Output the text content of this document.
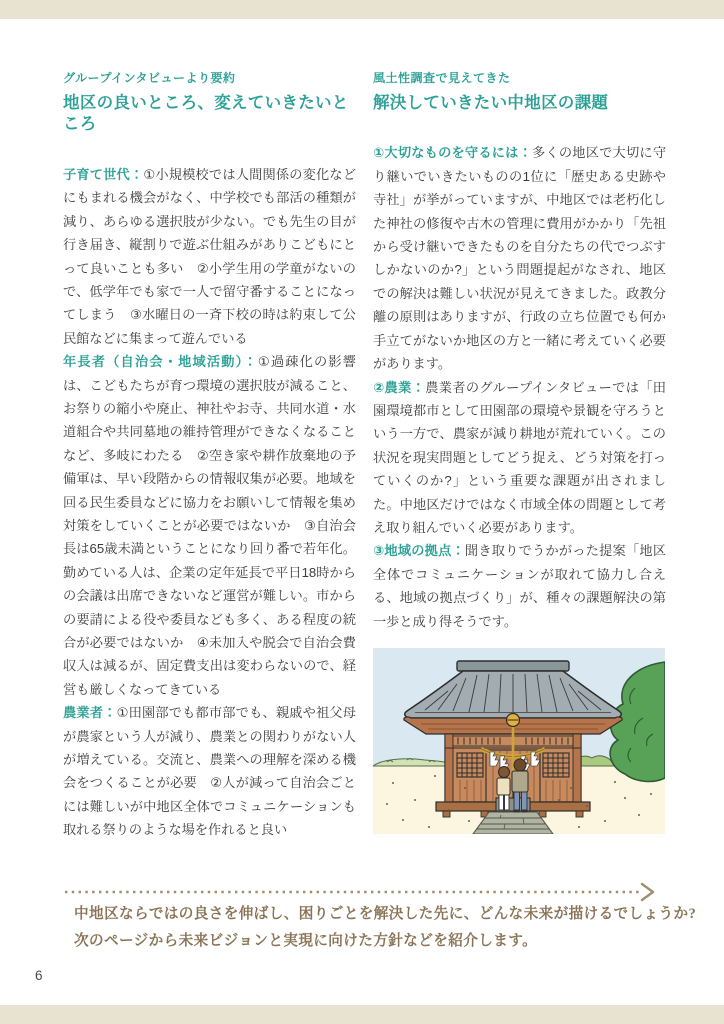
グループインタビューより要約
地区の良いところ、変えていきたいところ

子育て世代：①小規模校では人間関係の変化などにもまれる機会がなく、中学校でも部活の種類が減り、あらゆる選択肢が少ない。でも先生の目が行き届き、縦割りで遊ぶ仕組みがありこどもにとって良いことも多い　②小学生用の学童がないので、低学年でも家で一人で留守番することになってしまう　③水曜日の一斉下校の時は約束して公民館などに集まって遊んでいる

年長者（自治会・地域活動）：①過疎化の影響は、こどもたちが育つ環境の選択肢が減ること、お祭りの縮小や廃止、神社やお寺、共同水道・水道組合や共同墓地の維持管理ができなくなることなど、多岐にわたる　②空き家や耕作放棄地の予備軍は、早い段階からの情報収集が必要。地域を回る民生委員などに協力をお願いして情報を集め対策をしていくことが必要ではないか　③自治会長は65歳未満ということになり回り番で若年化。勤めている人は、企業の定年延長で平日18時からの会議は出席できないなど運営が難しい。市からの要請による役や委員なども多く、ある程度の統合が必要ではないか　④未加入や脱会で自治会費収入は減るが、固定費支出は変わらないので、経営も厳しくなってきている

農業者：①田園部でも都市部でも、親戚や祖父母が農家という人が減り、農業との関わりがない人が増えている。交流と、農業への理解を深める機会をつくることが必要　②人が減って自治会ごとには難しいが中地区全体でコミュニケーションも取れる祭りのような場を作れると良い

風土性調査で見えてきた
解決していきたい中地区の課題

①大切なものを守るには：多くの地区で大切に守り継いでいきたいものの1位に「歴史ある史跡や寺社」が挙がっていますが、中地区では老朽化した神社の修復や古木の管理に費用がかかり「先祖から受け継いできたものを自分たちの代でつぶすしかないのか?」という問題提起がなされ、地区での解決は難しい状況が見えてきました。政教分離の原則はありますが、行政の立ち位置でも何か手立てがないか地区の方と一緒に考えていく必要があります。

②農業：農業者のグループインタビューでは「田園環境都市として田園部の環境や景観を守ろうという一方で、農家が減り耕地が荒れていく。この状況を現実問題としてどう捉え、どう対策を打っていくのか?」という重要な課題が出されました。中地区だけではなく市域全体の問題として考え取り組んでいく必要があります。

③地域の拠点：聞き取りでうかがった提案「地区全体でコミュニケーションが取れて協力し合える、地域の拠点づくり」が、種々の課題解決の第一歩と成り得そうです。

中地区ならではの良さを伸ばし、困りごとを解決した先に、どんな未来が描けるでしょうか?

次のページから未来ビジョンと実現に向けた方針などを紹介します。

6
